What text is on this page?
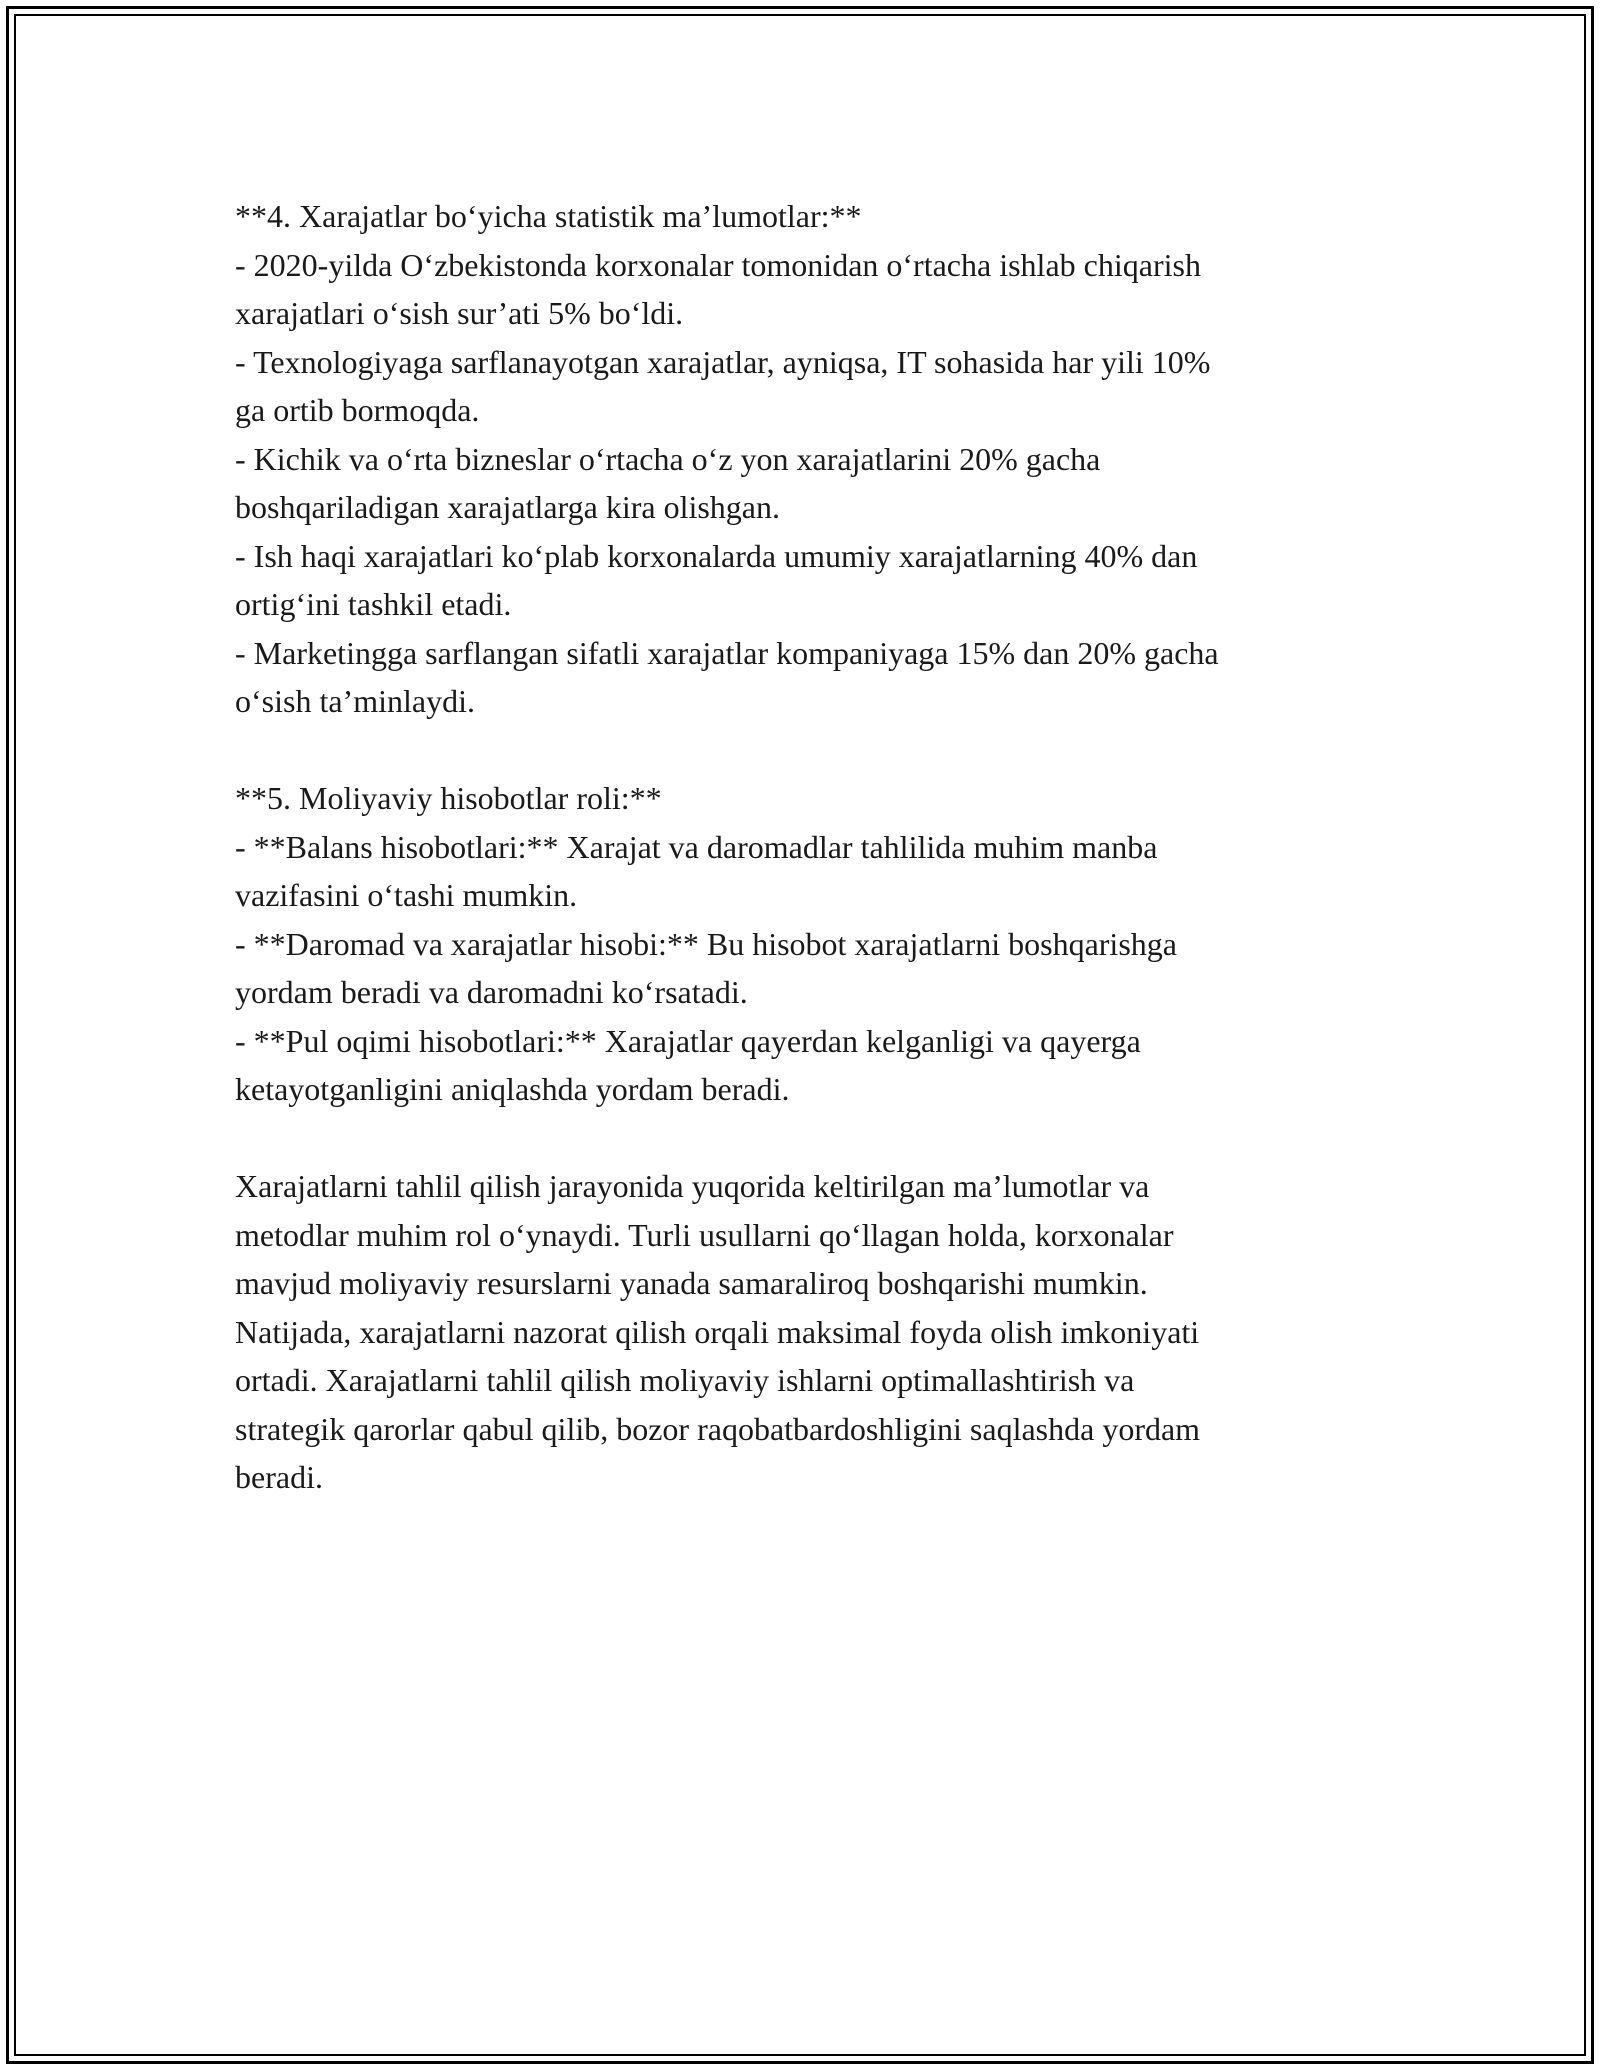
**4. Xarajatlar bo‘yicha statistik ma’lumotlar:**
- 2020-yilda O‘zbekistonda korxonalar tomonidan o‘rtacha ishlab chiqarish
xarajatlari o‘sish sur’ati 5% bo‘ldi.
- Texnologiyaga sarflanayotgan xarajatlar, ayniqsa, IT sohasida har yili 10%
ga ortib bormoqda.
- Kichik va o‘rta bizneslar o‘rtacha o‘z yon xarajatlarini 20% gacha
boshqariladigan xarajatlarga kira olishgan.
- Ish haqi xarajatlari ko‘plab korxonalarda umumiy xarajatlarning 40% dan
ortig‘ini tashkil etadi.
- Marketingga sarflangan sifatli xarajatlar kompaniyaga 15% dan 20% gacha
o‘sish ta’minlaydi.
**5. Moliyaviy hisobotlar roli:**
- **Balans hisobotlari:** Xarajat va daromadlar tahlilida muhim manba
vazifasini o‘tashi mumkin.
- **Daromad va xarajatlar hisobi:** Bu hisobot xarajatlarni boshqarishga
yordam beradi va daromadni ko‘rsatadi.
- **Pul oqimi hisobotlari:** Xarajatlar qayerdan kelganligi va qayerga
ketayotganligini aniqlashda yordam beradi.
Xarajatlarni tahlil qilish jarayonida yuqorida keltirilgan ma’lumotlar va
metodlar muhim rol o‘ynaydi. Turli usullarni qo‘llagan holda, korxonalar
mavjud moliyaviy resurslarni yanada samaraliroq boshqarishi mumkin.
Natijada, xarajatlarni nazorat qilish orqali maksimal foyda olish imkoniyati
ortadi. Xarajatlarni tahlil qilish moliyaviy ishlarni optimallashtirish va
strategik qarorlar qabul qilib, bozor raqobatbardoshligini saqlashda yordam
beradi.
